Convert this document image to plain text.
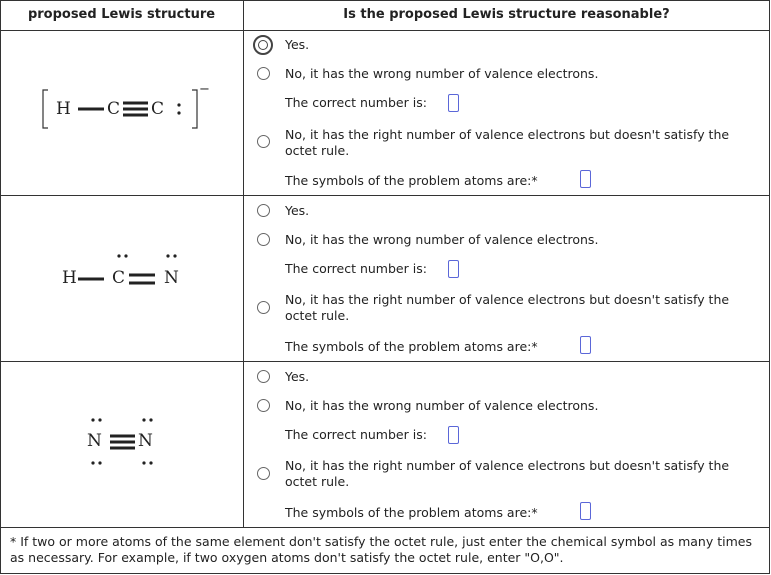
proposed Lewis structure	Is the proposed Lewis structure reasonable?
H C C
−
Yes.
No, it has the wrong number of valence electrons.
The correct number is:
No, it has the right number of valence electrons but doesn't satisfy the
octet rule.
The symbols of the problem atoms are:*
H C N
Yes.
No, it has the wrong number of valence electrons.
The correct number is:
No, it has the right number of valence electrons but doesn't satisfy the
octet rule.
The symbols of the problem atoms are:*
N N
Yes.
No, it has the wrong number of valence electrons.
The correct number is:
No, it has the right number of valence electrons but doesn't satisfy the
octet rule.
The symbols of the problem atoms are:*
* If two or more atoms of the same element don't satisfy the octet rule, just enter the chemical symbol as many times as necessary. For example, if two oxygen atoms don't satisfy the octet rule, enter "O,O".
